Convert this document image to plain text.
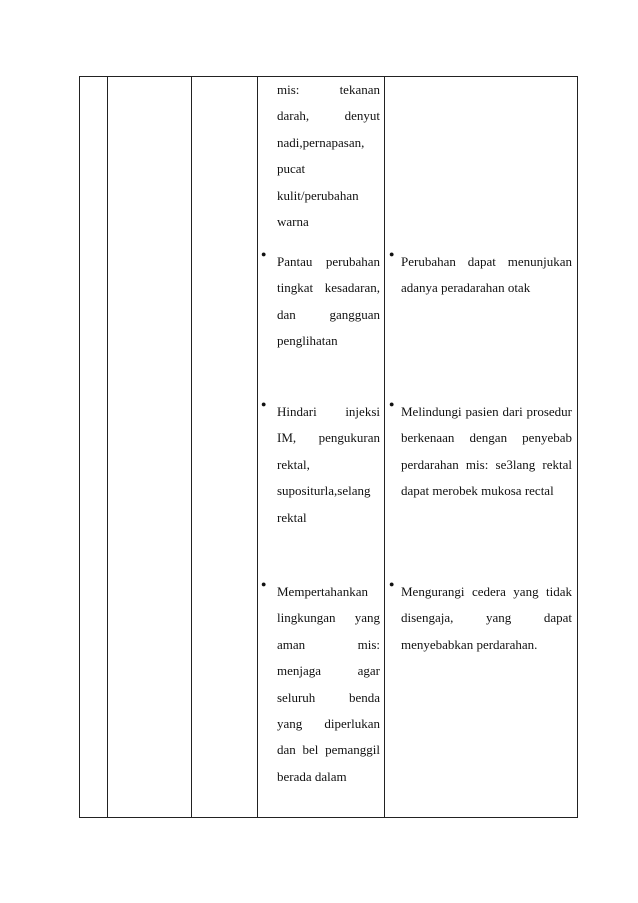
mis: tekanan
darah, denyut
nadi,pernapasan,
pucat
kulit/perubahan
warna
● Pantau perubahan
tingkat kesadaran,
dan gangguan
penglihatan
● Hindari injeksi
IM, pengukuran
rektal,
supositurla,selang
rektal
● Mempertahankan
lingkungan yang
aman mis:
menjaga agar
seluruh benda
yang diperlukan
dan bel pemanggil
berada dalam
● Perubahan dapat menunjukan
adanya peradarahan otak
● Melindungi pasien dari prosedur
berkenaan dengan penyebab
perdarahan mis: se3lang rektal
dapat merobek mukosa rectal
● Mengurangi cedera yang tidak
disengaja, yang dapat
menyebabkan perdarahan.
